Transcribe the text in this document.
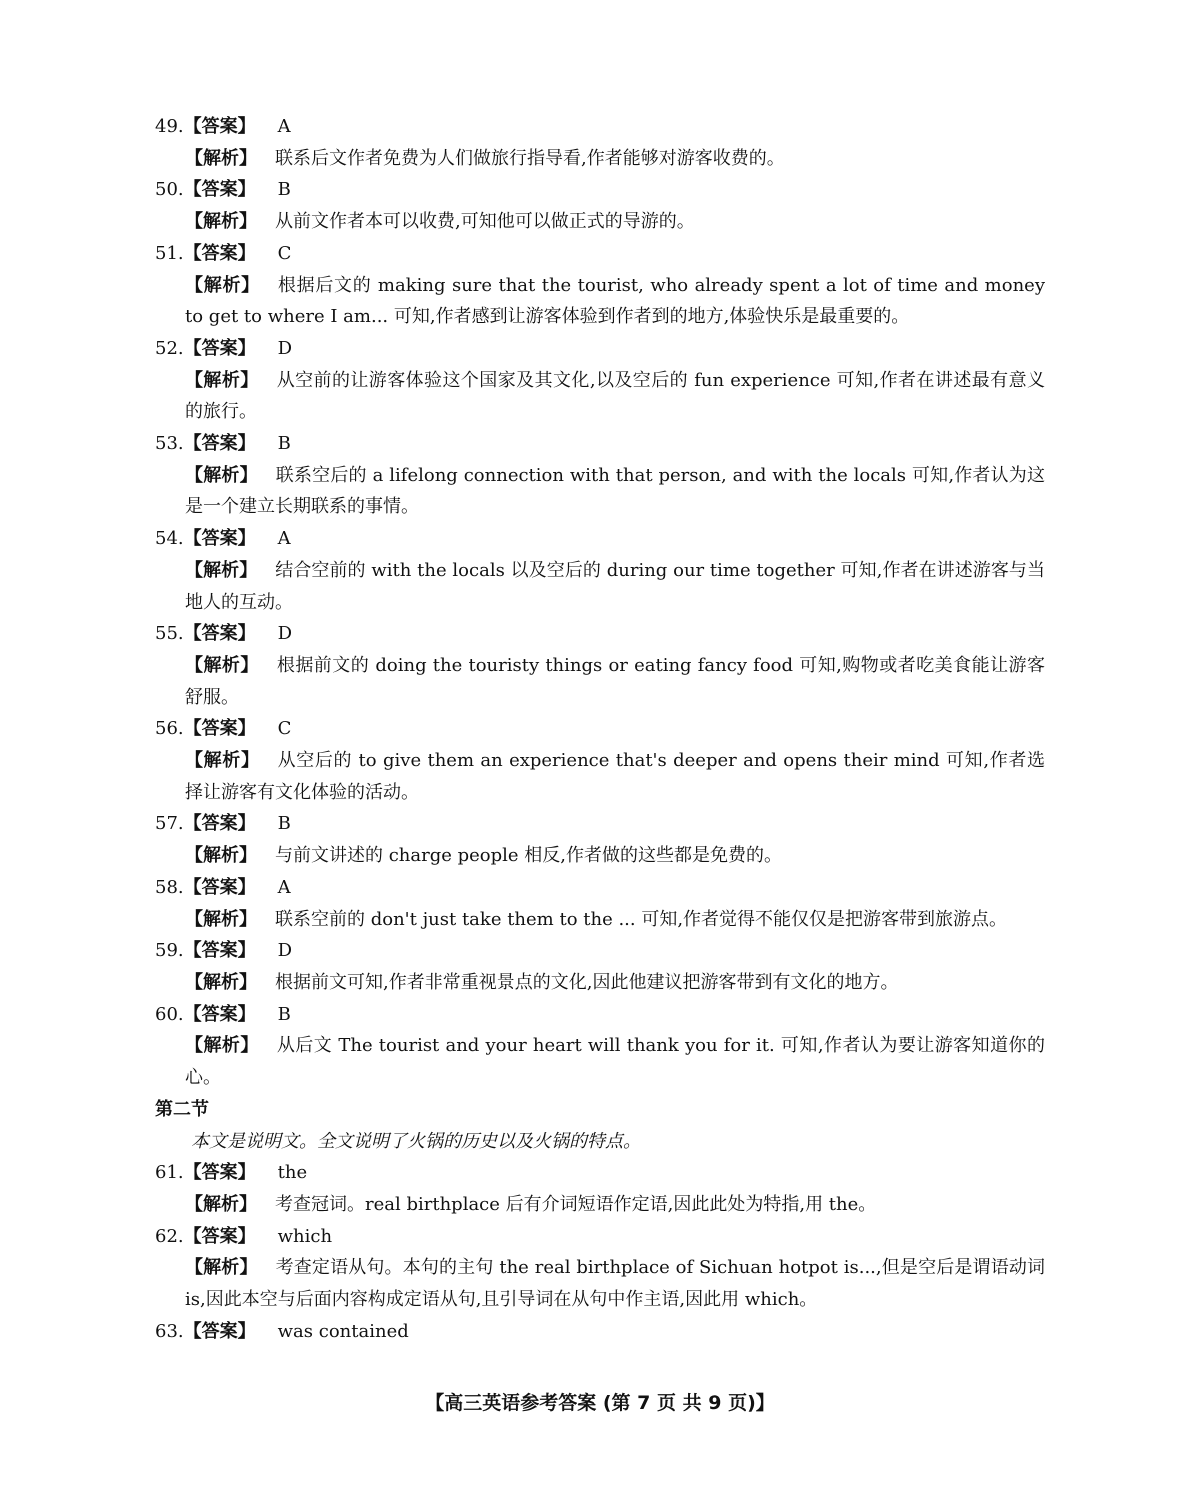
49.【答案】 A
【解析】 联系后文作者免费为人们做旅行指导看,作者能够对游客收费的。
50.【答案】 B
【解析】 从前文作者本可以收费,可知他可以做正式的导游的。
51.【答案】 C
【解析】 根据后文的 making sure that the tourist, who already spent a lot of time and money to get to where I am... 可知,作者感到让游客体验到作者到的地方,体验快乐是最重要的。
52.【答案】 D
【解析】 从空前的让游客体验这个国家及其文化,以及空后的 fun experience 可知,作者在讲述最有意义的旅行。
53.【答案】 B
【解析】 联系空后的 a lifelong connection with that person, and with the locals 可知,作者认为这是一个建立长期联系的事情。
54.【答案】 A
【解析】 结合空前的 with the locals 以及空后的 during our time together 可知,作者在讲述游客与当地人的互动。
55.【答案】 D
【解析】 根据前文的 doing the touristy things or eating fancy food 可知,购物或者吃美食能让游客舒服。
56.【答案】 C
【解析】 从空后的 to give them an experience that's deeper and opens their mind 可知,作者选择让游客有文化体验的活动。
57.【答案】 B
【解析】 与前文讲述的 charge people 相反,作者做的这些都是免费的。
58.【答案】 A
【解析】 联系空前的 don't just take them to the ... 可知,作者觉得不能仅仅是把游客带到旅游点。
59.【答案】 D
【解析】 根据前文可知,作者非常重视景点的文化,因此他建议把游客带到有文化的地方。
60.【答案】 B
【解析】 从后文 The tourist and your heart will thank you for it. 可知,作者认为要让游客知道你的心。
第二节
本文是说明文。全文说明了火锅的历史以及火锅的特点。
61.【答案】 the
【解析】 考查冠词。real birthplace 后有介词短语作定语,因此此处为特指,用 the。
62.【答案】 which
【解析】 考查定语从句。本句的主句 the real birthplace of Sichuan hotpot is...,但是空后是谓语动词 is,因此本空与后面内容构成定语从句,且引导词在从句中作主语,因此用 which。
63.【答案】 was contained
【高三英语参考答案 (第 7 页 共 9 页)】
